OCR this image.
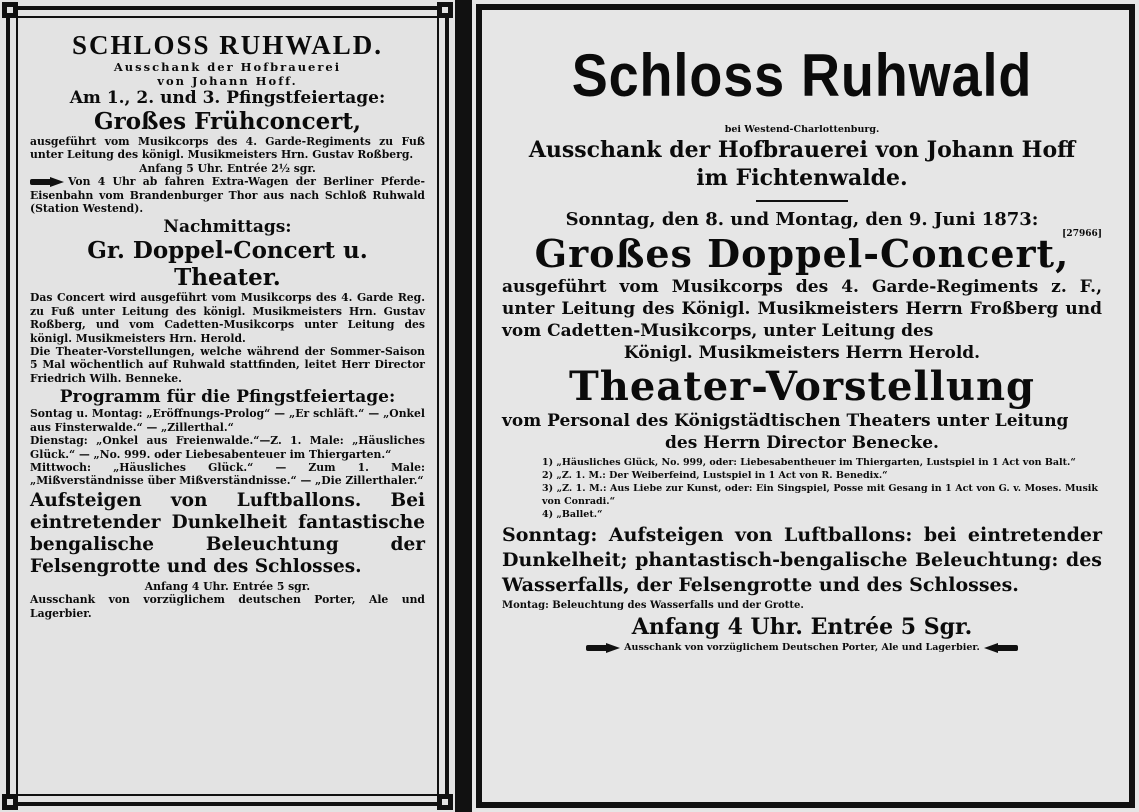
SCHLOSS RUHWALD.
Ausschank der Hofbrauerei
von Johann Hoff.
Am 1., 2. und 3. Pfingstfeiertage:
Großes Frühconcert,
ausgeführt vom Musikcorps des 4. Garde-Regiments zu Fuß unter Leitung des königl. Musikmeisters Hrn. Gustav Roßberg.
Anfang 5 Uhr. Entrée 2½ sgr.
Von 4 Uhr ab fahren Extra-Wagen der Berliner Pferde-Eisenbahn vom Brandenburger Thor aus nach Schloß Ruhwald (Station Westend).
Nachmittags:
Gr. Doppel-Concert u. Theater.
Das Concert wird ausgeführt vom Musikcorps des 4. Garde Reg. zu Fuß unter Leitung des königl. Musikmeisters Hrn. Gustav Roßberg, und vom Cadetten-Musikcorps unter Leitung des königl. Musikmeisters Hrn. Herold.
Die Theater-Vorstellungen, welche während der Sommer-Saison 5 Mal wöchentlich auf Ruhwald stattfinden, leitet Herr Director Friedrich Wilh. Benneke.
Programm für die Pfingstfeiertage:
Sontag u. Montag: „Eröffnungs-Prolog“ — „Er schläft.“ — „Onkel aus Finsterwalde.“ — „Zillerthal.“
Dienstag: „Onkel aus Freienwalde.“—Z. 1. Male: „Häusliches Glück.“ — „No. 999. oder Liebesabenteuer im Thiergarten.“
Mittwoch: „Häusliches Glück.“ — Zum 1. Male: „Mißverständnisse über Mißverständnisse.“ — „Die Zillerthaler.“
Aufsteigen von Luftballons. Bei eintretender Dunkelheit fantastische bengalische Beleuchtung der Felsengrotte und des Schlosses.
Anfang 4 Uhr. Entrée 5 sgr.
Ausschank von vorzüglichem deutschen Porter, Ale und Lagerbier.
Schloss Ruhwald
bei Westend-Charlottenburg.
Ausschank der Hofbrauerei von Johann Hoff
im Fichtenwalde.
[27966]
Sonntag, den 8. und Montag, den 9. Juni 1873:
Großes Doppel-Concert,
ausgeführt vom Musikcorps des 4. Garde-Regiments z. F., unter Leitung des Königl. Musikmeisters Herrn Froßberg und vom Cadetten-Musikcorps, unter Leitung des
Königl. Musikmeisters Herrn Herold.
Theater-Vorstellung
vom Personal des Königstädtischen Theaters unter Leitung
des Herrn Director Benecke.
1) „Häusliches Glück, No. 999, oder: Liebesabentheuer im Thiergarten, Lustspiel in 1 Act von Balt.“
2) „Z. 1. M.: Der Weiberfeind, Lustspiel in 1 Act von R. Benedix.“
3) „Z. 1. M.: Aus Liebe zur Kunst, oder: Ein Singspiel, Posse mit Gesang in 1 Act von G. v. Moses. Musik von Conradi.“
4) „Ballet.“
Sonntag: Aufsteigen von Luftballons: bei eintretender Dunkelheit; phantastisch-bengalische Beleuchtung: des Wasserfalls, der Felsengrotte und des Schlosses.
Montag: Beleuchtung des Wasserfalls und der Grotte.
Anfang 4 Uhr. Entrée 5 Sgr.
Ausschank von vorzüglichem Deutschen Porter, Ale und Lagerbier.
